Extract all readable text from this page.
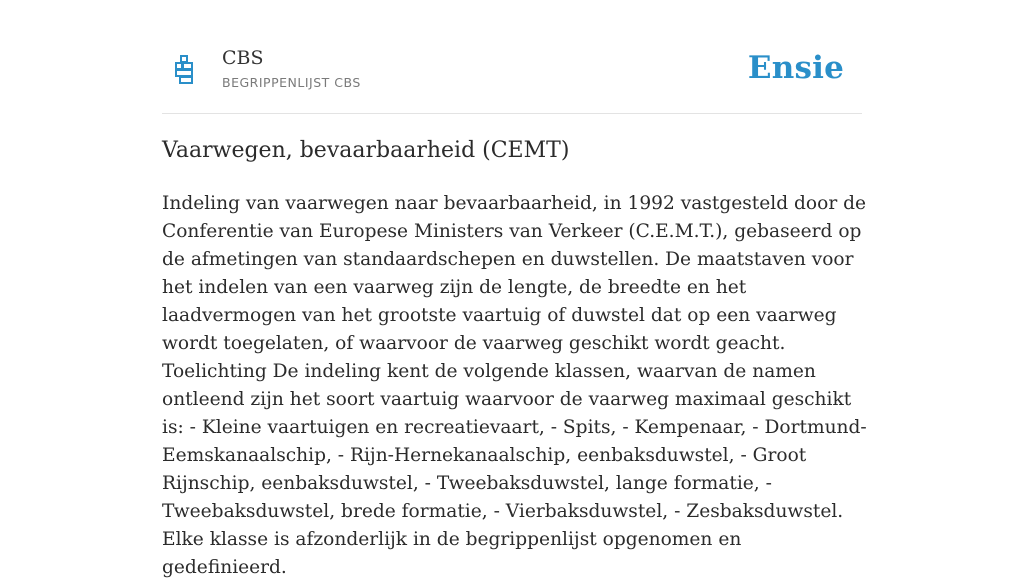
CBS
BEGRIPPENLIJST CBS	Ensie
Vaarwegen, bevaarbaarheid (CEMT)

Indeling van vaarwegen naar bevaarbaarheid, in 1992 vastgesteld door de Conferentie van Europese Ministers van Verkeer (C.E.M.T.), gebaseerd op de afmetingen van standaardschepen en duwstellen. De maatstaven voor het indelen van een vaarweg zijn de lengte, de breedte en het laadvermogen van het grootste vaartuig of duwstel dat op een vaarweg wordt toegelaten, of waarvoor de vaarweg geschikt wordt geacht. Toelichting De indeling kent de volgende klassen, waarvan de namen ontleend zijn het soort vaartuig waarvoor de vaarweg maximaal geschikt is: - Kleine vaartuigen en recreatievaart, - Spits, - Kempenaar, - Dortmund-Eemskanaalschip, - Rijn-Hernekanaalschip, eenbaksduwstel, - Groot Rijnschip, eenbaksduwstel, - Tweebaksduwstel, lange formatie, - Tweebaksduwstel, brede formatie, - Vierbaksduwstel, - Zesbaksduwstel. Elke klasse is afzonderlijk in de begrippenlijst opgenomen en gedefinieerd.
